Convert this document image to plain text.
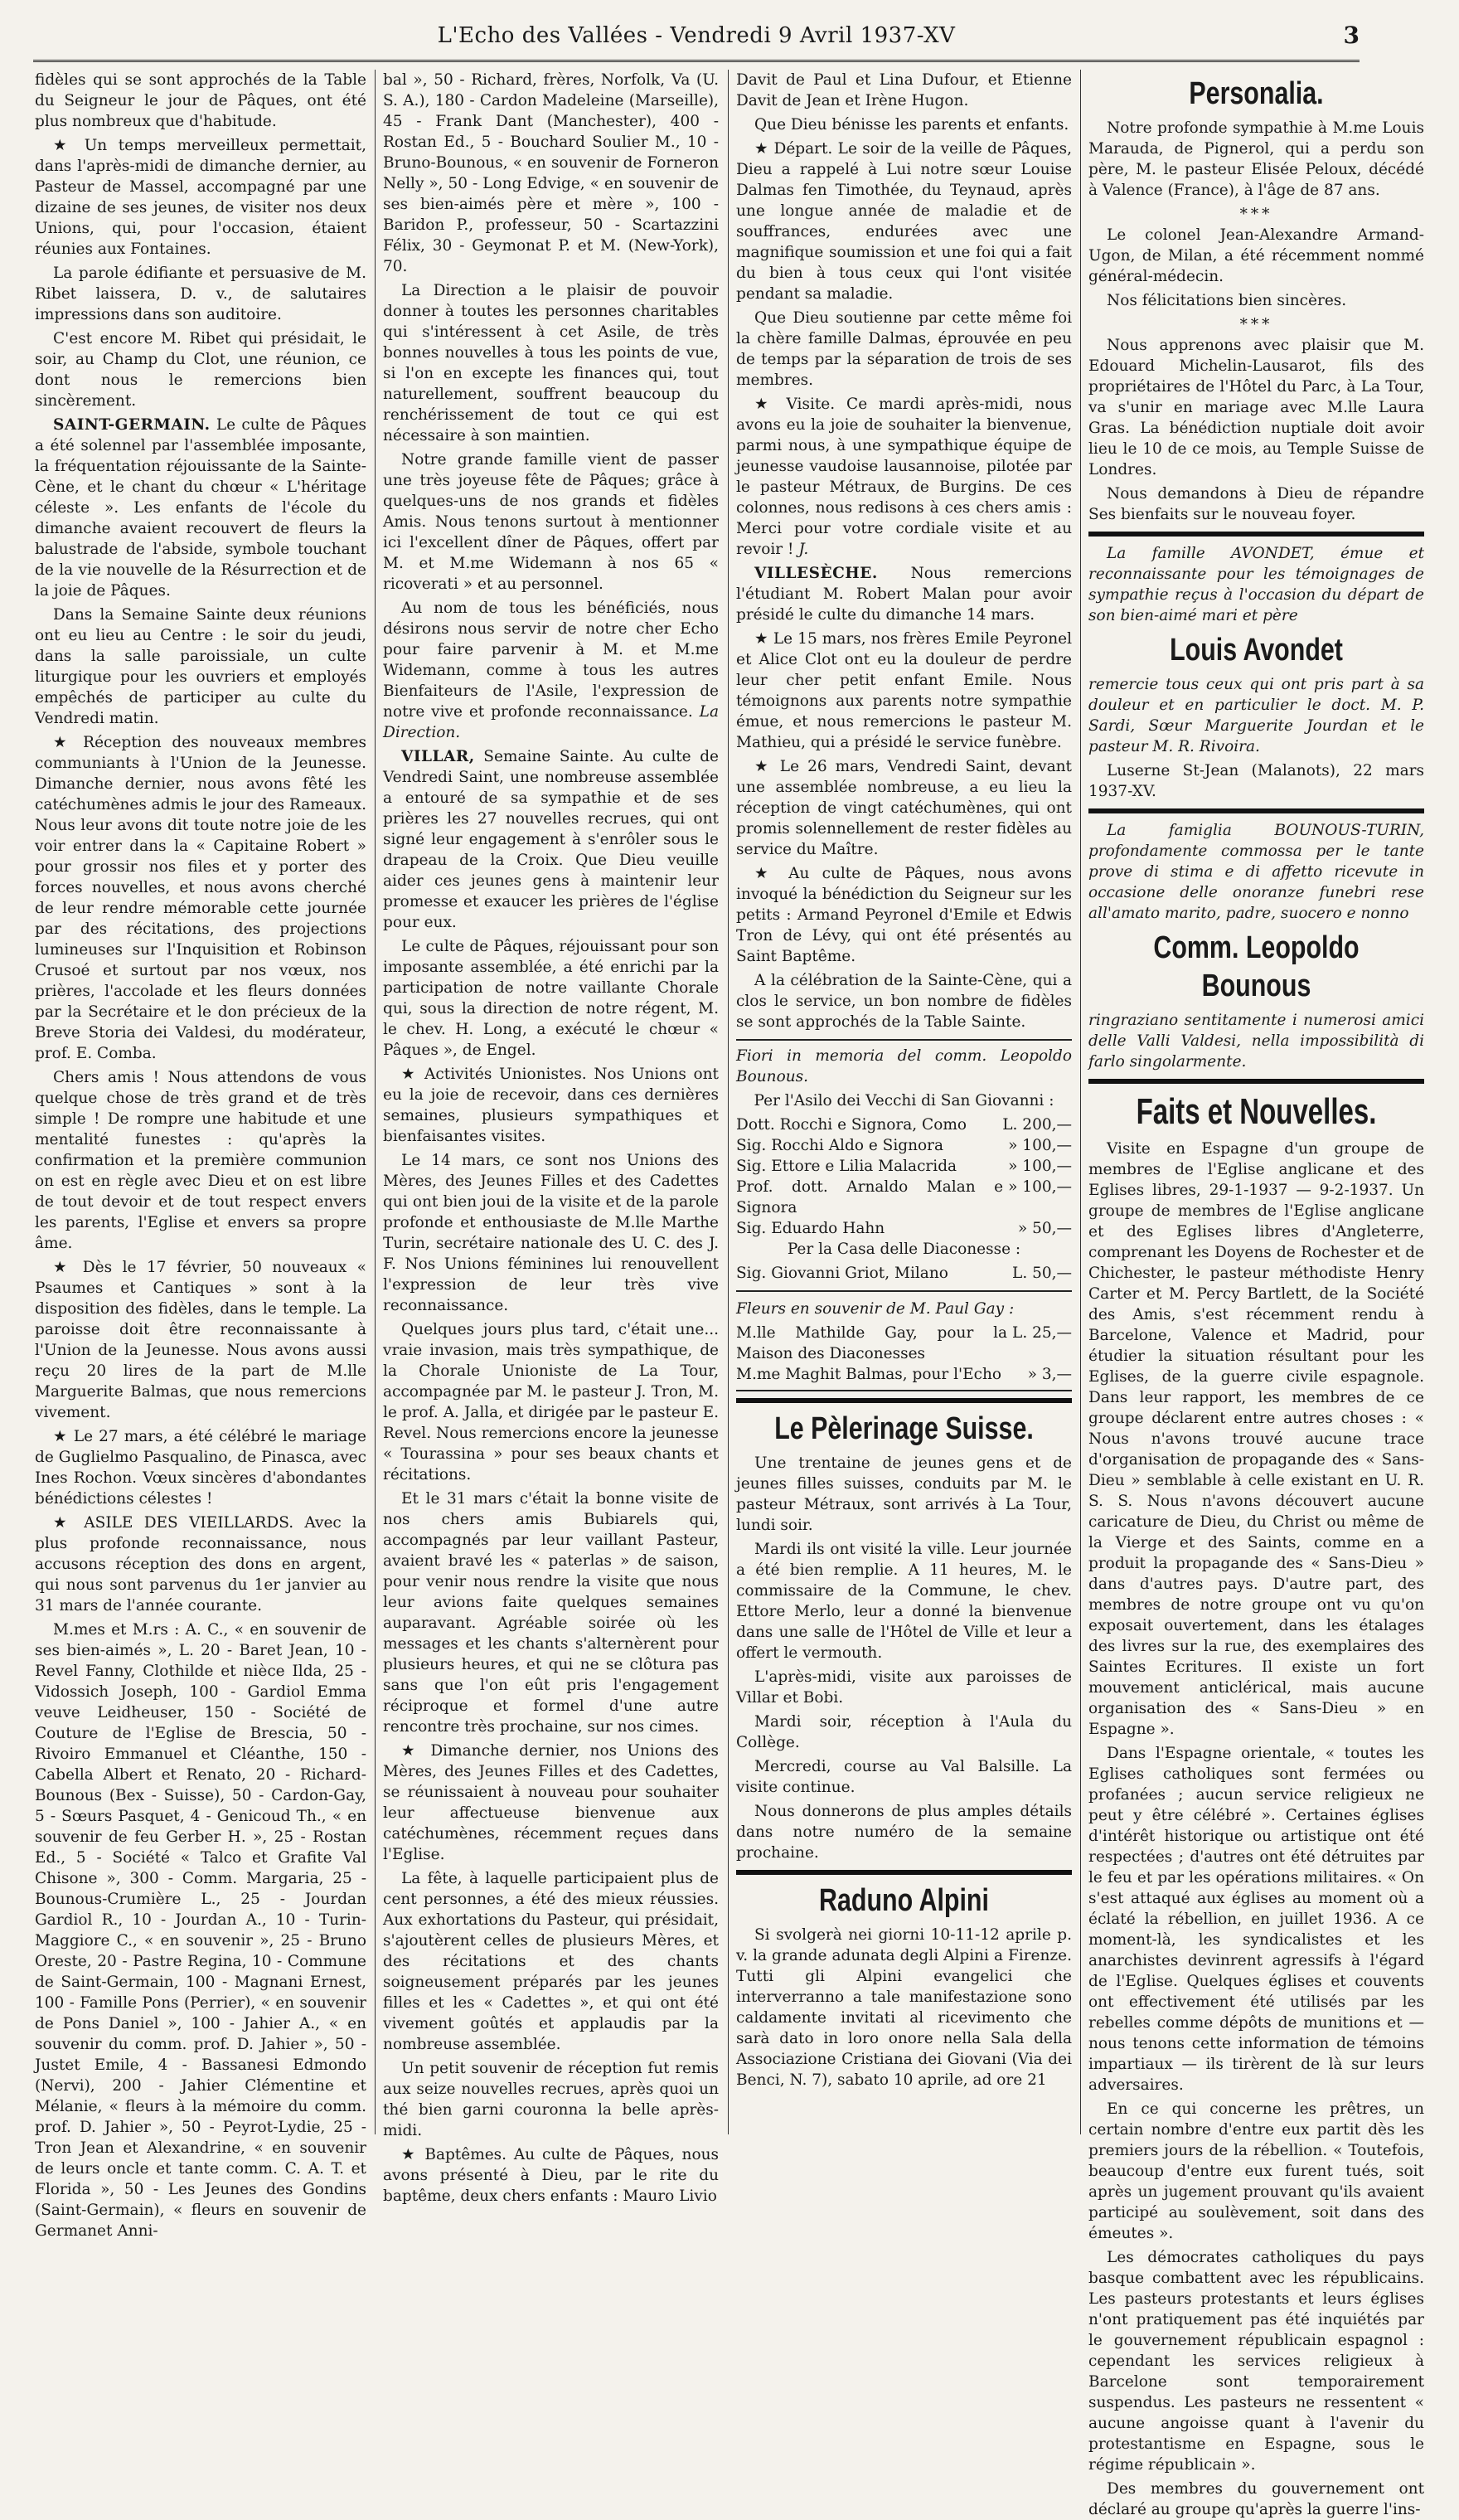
L'Echo des Vallées - Vendredi 9 Avril 1937-XV	3

fidèles qui se sont approchés de la Table du Seigneur le jour de Pâques, ont été plus nombreux que d'habitude.

★ Un temps merveilleux permettait, dans l'après-midi de dimanche dernier, au Pasteur de Massel, accompagné par une dizaine de ses jeunes, de visiter nos deux Unions, qui, pour l'occasion, étaient réunies aux Fontaines.

La parole édifiante et persuasive de M. Ribet laissera, D. v., de salutaires impressions dans son auditoire.

C'est encore M. Ribet qui présidait, le soir, au Champ du Clot, une réunion, ce dont nous le remercions bien sincèrement.

SAINT-GERMAIN. Le culte de Pâques a été solennel par l'assemblée imposante, la fréquentation réjouissante de la Sainte-Cène, et le chant du chœur « L'héritage céleste ». Les enfants de l'école du dimanche avaient recouvert de fleurs la balustrade de l'abside, symbole touchant de la vie nouvelle de la Résurrection et de la joie de Pâques.

Dans la Semaine Sainte deux réunions ont eu lieu au Centre : le soir du jeudi, dans la salle paroissiale, un culte liturgique pour les ouvriers et employés empêchés de participer au culte du Vendredi matin.

★ Réception des nouveaux membres communiants à l'Union de la Jeunesse. Dimanche dernier, nous avons fêté les catéchumènes admis le jour des Rameaux. Nous leur avons dit toute notre joie de les voir entrer dans la « Capitaine Robert » pour grossir nos files et y porter des forces nouvelles, et nous avons cherché de leur rendre mémorable cette journée par des récitations, des projections lumineuses sur l'Inquisition et Robinson Crusoé et surtout par nos vœux, nos prières, l'accolade et les fleurs données par la Secrétaire et le don précieux de la Breve Storia dei Valdesi, du modérateur, prof. E. Comba.

Chers amis ! Nous attendons de vous quelque chose de très grand et de très simple ! De rompre une habitude et une mentalité funestes : qu'après la confirmation et la première communion on est en règle avec Dieu et on est libre de tout devoir et de tout respect envers les parents, l'Eglise et envers sa propre âme.

★ Dès le 17 février, 50 nouveaux « Psaumes et Cantiques » sont à la disposition des fidèles, dans le temple. La paroisse doit être reconnaissante à l'Union de la Jeunesse. Nous avons aussi reçu 20 lires de la part de M.lle Marguerite Balmas, que nous remercions vivement.

★ Le 27 mars, a été célébré le mariage de Guglielmo Pasqualino, de Pinasca, avec Ines Rochon. Vœux sincères d'abondantes bénédictions célestes !

★ ASILE DES VIEILLARDS. Avec la plus profonde reconnaissance, nous accusons réception des dons en argent, qui nous sont parvenus du 1er janvier au 31 mars de l'année courante.

M.mes et M.rs : A. C., « en souvenir de ses bien-aimés », L. 20 - Baret Jean, 10 - Revel Fanny, Clothilde et nièce Ilda, 25 - Vidossich Joseph, 100 - Gardiol Emma veuve Leidheuser, 150 - Société de Couture de l'Eglise de Brescia, 50 - Rivoiro Emmanuel et Cléanthe, 150 - Cabella Albert et Renato, 20 - Richard-Bounous (Bex - Suisse), 50 - Cardon-Gay, 5 - Sœurs Pasquet, 4 - Genicoud Th., « en souvenir de feu Gerber H. », 25 - Rostan Ed., 5 - Société « Talco et Grafite Val Chisone », 300 - Comm. Margaria, 25 - Bounous-Crumière L., 25 - Jourdan Gardiol R., 10 - Jourdan A., 10 - Turin-Maggiore C., « en souvenir », 25 - Bruno Oreste, 20 - Pastre Regina, 10 - Commune de Saint-Germain, 100 - Magnani Ernest, 100 - Famille Pons (Perrier), « en souvenir de Pons Daniel », 100 - Jahier A., « en souvenir du comm. prof. D. Jahier », 50 - Justet Emile, 4 - Bassanesi Edmondo (Nervi), 200 - Jahier Clémentine et Mélanie, « fleurs à la mémoire du comm. prof. D. Jahier », 50 - Peyrot-Lydie, 25 - Tron Jean et Alexandrine, « en souvenir de leurs oncle et tante comm. C. A. T. et Florida », 50 - Les Jeunes des Gondins (Saint-Germain), « fleurs en souvenir de Germanet Anni-

bal », 50 - Richard, frères, Norfolk, Va (U. S. A.), 180 - Cardon Madeleine (Marseille), 45 - Frank Dant (Manchester), 400 - Rostan Ed., 5 - Bouchard Soulier M., 10 - Bruno-Bounous, « en souvenir de Forneron Nelly », 50 - Long Edvige, « en souvenir de ses bien-aimés père et mère », 100 - Baridon P., professeur, 50 - Scartazzini Félix, 30 - Geymonat P. et M. (New-York), 70.

La Direction a le plaisir de pouvoir donner à toutes les personnes charitables qui s'intéressent à cet Asile, de très bonnes nouvelles à tous les points de vue, si l'on en excepte les finances qui, tout naturellement, souffrent beaucoup du renchérissement de tout ce qui est nécessaire à son maintien.

Notre grande famille vient de passer une très joyeuse fête de Pâques; grâce à quelques-uns de nos grands et fidèles Amis. Nous tenons surtout à mentionner ici l'excellent dîner de Pâques, offert par M. et M.me Widemann à nos 65 « ricoverati » et au personnel.

Au nom de tous les bénéficiés, nous désirons nous servir de notre cher Echo pour faire parvenir à M. et M.me Widemann, comme à tous les autres Bienfaiteurs de l'Asile, l'expression de notre vive et profonde reconnaissance. La Direction.

VILLAR, Semaine Sainte. Au culte de Vendredi Saint, une nombreuse assemblée a entouré de sa sympathie et de ses prières les 27 nouvelles recrues, qui ont signé leur engagement à s'enrôler sous le drapeau de la Croix. Que Dieu veuille aider ces jeunes gens à maintenir leur promesse et exaucer les prières de l'église pour eux.

Le culte de Pâques, réjouissant pour son imposante assemblée, a été enrichi par la participation de notre vaillante Chorale qui, sous la direction de notre régent, M. le chev. H. Long, a exécuté le chœur « Pâques », de Engel.

★ Activités Unionistes. Nos Unions ont eu la joie de recevoir, dans ces dernières semaines, plusieurs sympathiques et bienfaisantes visites.

Le 14 mars, ce sont nos Unions des Mères, des Jeunes Filles et des Cadettes qui ont bien joui de la visite et de la parole profonde et enthousiaste de M.lle Marthe Turin, secrétaire nationale des U. C. des J. F. Nos Unions féminines lui renouvellent l'expression de leur très vive reconnaissance.

Quelques jours plus tard, c'était une... vraie invasion, mais très sympathique, de la Chorale Unioniste de La Tour, accompagnée par M. le pasteur J. Tron, M. le prof. A. Jalla, et dirigée par le pasteur E. Revel. Nous remercions encore la jeunesse « Tourassina » pour ses beaux chants et récitations.

Et le 31 mars c'était la bonne visite de nos chers amis Bubiarels qui, accompagnés par leur vaillant Pasteur, avaient bravé les « paterlas » de saison, pour venir nous rendre la visite que nous leur avions faite quelques semaines auparavant. Agréable soirée où les messages et les chants s'alternèrent pour plusieurs heures, et qui ne se clôtura pas sans que l'on eût pris l'engagement réciproque et formel d'une autre rencontre très prochaine, sur nos cimes.

★ Dimanche dernier, nos Unions des Mères, des Jeunes Filles et des Cadettes, se réunissaient à nouveau pour souhaiter leur affectueuse bienvenue aux catéchumènes, récemment reçues dans l'Eglise.

La fête, à laquelle participaient plus de cent personnes, a été des mieux réussies. Aux exhortations du Pasteur, qui présidait, s'ajoutèrent celles de plusieurs Mères, et des récitations et des chants soigneusement préparés par les jeunes filles et les « Cadettes », et qui ont été vivement goûtés et applaudis par la nombreuse assemblée.

Un petit souvenir de réception fut remis aux seize nouvelles recrues, après quoi un thé bien garni couronna la belle après-midi.

★ Baptêmes. Au culte de Pâques, nous avons présenté à Dieu, par le rite du baptême, deux chers enfants : Mauro Livio

Davit de Paul et Lina Dufour, et Etienne Davit de Jean et Irène Hugon.

Que Dieu bénisse les parents et enfants.

★ Départ. Le soir de la veille de Pâques, Dieu a rappelé à Lui notre sœur Louise Dalmas fen Timothée, du Teynaud, après une longue année de maladie et de souffrances, endurées avec une magnifique soumission et une foi qui a fait du bien à tous ceux qui l'ont visitée pendant sa maladie.

Que Dieu soutienne par cette même foi la chère famille Dalmas, éprouvée en peu de temps par la séparation de trois de ses membres.

★ Visite. Ce mardi après-midi, nous avons eu la joie de souhaiter la bienvenue, parmi nous, à une sympathique équipe de jeunesse vaudoise lausannoise, pilotée par le pasteur Métraux, de Burgins. De ces colonnes, nous redisons à ces chers amis : Merci pour votre cordiale visite et au revoir ! J.

VILLESÈCHE. Nous remercions l'étudiant M. Robert Malan pour avoir présidé le culte du dimanche 14 mars.

★ Le 15 mars, nos frères Emile Peyronel et Alice Clot ont eu la douleur de perdre leur cher petit enfant Emile. Nous témoignons aux parents notre sympathie émue, et nous remercions le pasteur M. Mathieu, qui a présidé le service funèbre.

★ Le 26 mars, Vendredi Saint, devant une assemblée nombreuse, a eu lieu la réception de vingt catéchumènes, qui ont promis solennellement de rester fidèles au service du Maître.

★ Au culte de Pâques, nous avons invoqué la bénédiction du Seigneur sur les petits : Armand Peyronel d'Emile et Edwis Tron de Lévy, qui ont été présentés au Saint Baptême.

A la célébration de la Sainte-Cène, qui a clos le service, un bon nombre de fidèles se sont approchés de la Table Sainte.

Fiori in memoria del comm. Leopoldo Bounous.

Per l'Asilo dei Vecchi di San Giovanni :

Dott. Rocchi e Signora, Como L. 200,—

Sig. Rocchi Aldo e Signora	» 100,—

Sig. Ettore e Lilia Malacrida	» 100,—

Prof. dott. Arnaldo Malan e Signora
» 100,—

Sig. Eduardo Hahn	» 50,—

Per la Casa delle Diaconesse :

Sig. Giovanni Griot, Milano	L. 50,—

Fleurs en souvenir de M. Paul Gay :

M.lle Mathilde Gay, pour la Maison des Diaconesses
L. 25,—

M.me Maghit Balmas, pour l'Echo » 3,—

Le Pèlerinage Suisse.

Une trentaine de jeunes gens et de jeunes filles suisses, conduits par M. le pasteur Métraux, sont arrivés à La Tour, lundi soir.

Mardi ils ont visité la ville. Leur journée a été bien remplie. A 11 heures, M. le commissaire de la Commune, le chev. Ettore Merlo, leur a donné la bienvenue dans une salle de l'Hôtel de Ville et leur a offert le vermouth.

L'après-midi, visite aux paroisses de Villar et Bobi.

Mardi soir, réception à l'Aula du Collège.

Mercredi, course au Val Balsille. La visite continue.

Nous donnerons de plus amples détails dans notre numéro de la semaine prochaine.

Raduno Alpini

Si svolgerà nei giorni 10-11-12 aprile p. v. la grande adunata degli Alpini a Firenze. Tutti gli Alpini evangelici che interverranno a tale manifestazione sono caldamente invitati al ricevimento che sarà dato in loro onore nella Sala della Associazione Cristiana dei Giovani (Via dei Benci, N. 7), sabato 10 aprile, ad ore 21

Personalia.

Notre profonde sympathie à M.me Louis Marauda, de Pignerol, qui a perdu son père, M. le pasteur Elisée Peloux, décédé à Valence (France), à l'âge de 87 ans.

***

Le colonel Jean-Alexandre Armand-Ugon, de Milan, a été récemment nommé général-médecin.

Nos félicitations bien sincères.

***

Nous apprenons avec plaisir que M. Edouard Michelin-Lausarot, fils des propriétaires de l'Hôtel du Parc, à La Tour, va s'unir en mariage avec M.lle Laura Gras. La bénédiction nuptiale doit avoir lieu le 10 de ce mois, au Temple Suisse de Londres.

Nous demandons à Dieu de répandre Ses bienfaits sur le nouveau foyer.

La famille AVONDET, émue et reconnaissante pour les témoignages de sympathie reçus à l'occasion du départ de son bien-aimé mari et père

Louis Avondet

remercie tous ceux qui ont pris part à sa douleur et en particulier le doct. M. P. Sardi, Sœur Marguerite Jourdan et le pasteur M. R. Rivoira.

Luserne St-Jean (Malanots), 22 mars 1937-XV.

La famiglia BOUNOUS-TURIN, profondamente commossa per le tante prove di stima e di affetto ricevute in occasione delle onoranze funebri rese all'amato marito, padre, suocero e nonno

Comm. Leopoldo Bounous

ringraziano sentitamente i numerosi amici delle Valli Valdesi, nella impossibilità di farlo singolarmente.

Faits et Nouvelles.

Visite en Espagne d'un groupe de membres de l'Eglise anglicane et des Eglises libres, 29-1-1937 — 9-2-1937. Un groupe de membres de l'Eglise anglicane et des Eglises libres d'Angleterre, comprenant les Doyens de Rochester et de Chichester, le pasteur méthodiste Henry Carter et M. Percy Bartlett, de la Société des Amis, s'est récemment rendu à Barcelone, Valence et Madrid, pour étudier la situation résultant pour les Eglises, de la guerre civile espagnole. Dans leur rapport, les membres de ce groupe déclarent entre autres choses : « Nous n'avons trouvé aucune trace d'organisation de propagande des « Sans-Dieu » semblable à celle existant en U. R. S. S. Nous n'avons découvert aucune caricature de Dieu, du Christ ou même de la Vierge et des Saints, comme en a produit la propagande des « Sans-Dieu » dans d'autres pays. D'autre part, des membres de notre groupe ont vu qu'on exposait ouvertement, dans les étalages des livres sur la rue, des exemplaires des Saintes Ecritures. Il existe un fort mouvement anticlérical, mais aucune organisation des « Sans-Dieu » en Espagne ».

Dans l'Espagne orientale, « toutes les Eglises catholiques sont fermées ou profanées ; aucun service religieux ne peut y être célébré ». Certaines églises d'intérêt historique ou artistique ont été respectées ; d'autres ont été détruites par le feu et par les opérations militaires. « On s'est attaqué aux églises au moment où a éclaté la rébellion, en juillet 1936. A ce moment-là, les syndicalistes et les anarchistes devinrent agressifs à l'égard de l'Eglise. Quelques églises et couvents ont effectivement été utilisés par les rebelles comme dépôts de munitions et — nous tenons cette information de témoins impartiaux — ils tirèrent de là sur leurs adversaires.

En ce qui concerne les prêtres, un certain nombre d'entre eux partit dès les premiers jours de la rébellion. « Toutefois, beaucoup d'entre eux furent tués, soit après un jugement prouvant qu'ils avaient participé au soulèvement, soit dans des émeutes ».

Les démocrates catholiques du pays basque combattent avec les républicains. Les pasteurs protestants et leurs églises n'ont pratiquement pas été inquiétés par le gouvernement républicain espagnol : cependant les services religieux à Barcelone sont temporairement suspendus. Les pasteurs ne ressentent « aucune angoisse quant à l'avenir du protestantisme en Espagne, sous le régime républicain ».

Des membres du gouvernement ont déclaré au groupe qu'après la guerre l'ins-
